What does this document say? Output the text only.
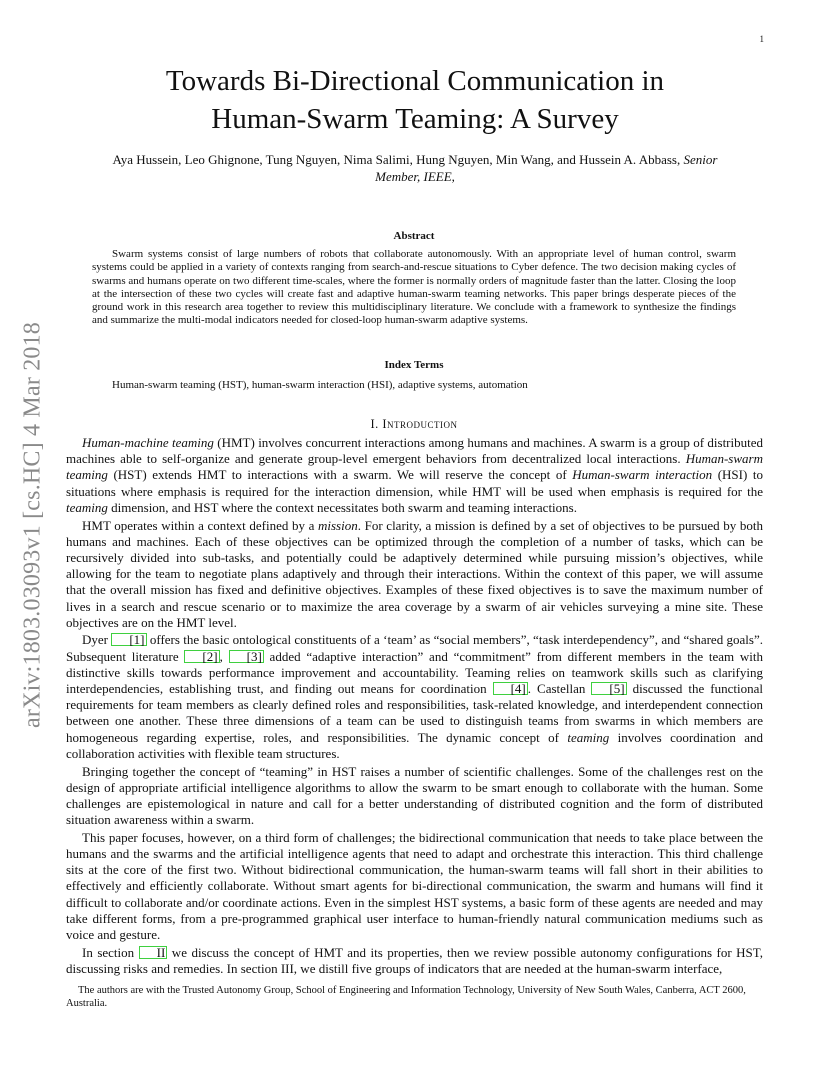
1
arXiv:1803.03093v1 [cs.HC] 4 Mar 2018
Towards Bi-Directional Communication in
Human-Swarm Teaming: A Survey
Aya Hussein, Leo Ghignone, Tung Nguyen, Nima Salimi, Hung Nguyen, Min Wang, and Hussein A. Abbass, Senior Member, IEEE,
Abstract

Swarm systems consist of large numbers of robots that collaborate autonomously. With an appropriate level of human control, swarm systems could be applied in a variety of contexts ranging from search-and-rescue situations to Cyber defence. The two decision making cycles of swarms and humans operate on two different time-scales, where the former is normally orders of magnitude faster than the latter. Closing the loop at the intersection of these two cycles will create fast and adaptive human-swarm teaming networks. This paper brings desperate pieces of the ground work in this research area together to review this multidisciplinary literature. We conclude with a framework to synthesize the findings and summarize the multi-modal indicators needed for closed-loop human-swarm adaptive systems.

Index Terms
Human-swarm teaming (HST), human-swarm interaction (HSI), adaptive systems, automation
I. Introduction

Human-machine teaming (HMT) involves concurrent interactions among humans and machines. A swarm is a group of distributed machines able to self-organize and generate group-level emergent behaviors from decentralized local interactions. Human-swarm teaming (HST) extends HMT to interactions with a swarm. We will reserve the concept of Human-swarm interaction (HSI) to situations where emphasis is required for the interaction dimension, while HMT will be used when emphasis is required for the teaming dimension, and HST where the context necessitates both swarm and teaming interactions.

HMT operates within a context defined by a mission. For clarity, a mission is defined by a set of objectives to be pursued by both humans and machines. Each of these objectives can be optimized through the completion of a number of tasks, which can be recursively divided into sub-tasks, and potentially could be adaptively determined while pursuing mission’s objectives, while allowing for the team to negotiate plans adaptively and through their interactions. Within the context of this paper, we will assume that the overall mission has fixed and definitive objectives. Examples of these fixed objectives is to save the maximum number of lives in a search and rescue scenario or to maximize the area coverage by a swarm of air vehicles surveying a mine site. These objectives are on the HMT level.

Dyer [1] offers the basic ontological constituents of a ‘team’ as “social members”, “task interdependency”, and “shared goals”. Subsequent literature [2] , [3] added “adaptive interaction” and “commitment” from different members in the team with distinctive skills towards performance improvement and accountability. Teaming relies on teamwork skills such as clarifying interdependencies, establishing trust, and finding out means for coordination [4] . Castellan [5] discussed the functional requirements for team members as clearly defined roles and responsibilities, task-related knowledge, and interdependent connection between one another. These three dimensions of a team can be used to distinguish teams from swarms in which members are homogeneous regarding expertise, roles, and responsibilities. The dynamic concept of teaming involves coordination and collaboration activities with flexible team structures.

Bringing together the concept of “teaming” in HST raises a number of scientific challenges. Some of the challenges rest on the design of appropriate artificial intelligence algorithms to allow the swarm to be smart enough to collaborate with the human. Some challenges are epistemological in nature and call for a better understanding of distributed cognition and the form of distributed situation awareness within a swarm.

This paper focuses, however, on a third form of challenges; the bidirectional communication that needs to take place between the humans and the swarms and the artificial intelligence agents that need to adapt and orchestrate this interaction. This third challenge sits at the core of the first two. Without bidirectional communication, the human-swarm teams will fall short in their abilities to effectively and efficiently collaborate. Without smart agents for bi-directional communication, the swarm and humans will find it difficult to collaborate and/or coordinate actions. Even in the simplest HST systems, a basic form of these agents are needed and may take different forms, from a pre-programmed graphical user interface to human-friendly natural communication mediums such as voice and gesture.

In section II we discuss the concept of HMT and its properties, then we review possible autonomy configurations for HST, discussing risks and remedies. In section III, we distill five groups of indicators that are needed at the human-swarm interface,

The authors are with the Trusted Autonomy Group, School of Engineering and Information Technology, University of New South Wales, Canberra, ACT 2600, Australia.
